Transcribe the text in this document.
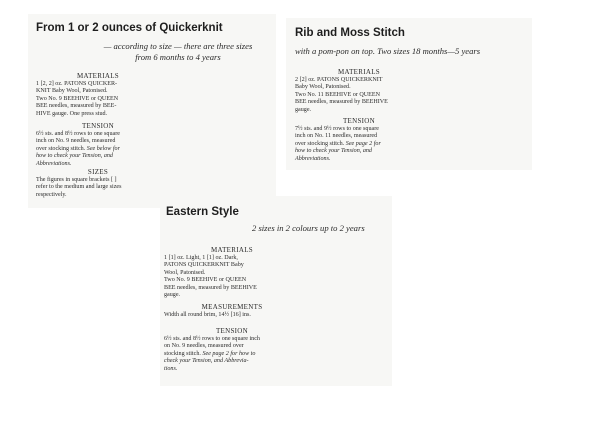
From 1 or 2 ounces of Quickerknit
— according to size — there are three sizes
from 6 months to 4 years
MATERIALS
1 [2, 2] oz. PATONS QUICKER-
KNIT Baby Wool, Patonised.
Two No. 9 BEEHIVE or QUEEN
BEE needles, measured by BEE-
HIVE gauge. One press stud.
TENSION
6½ sts. and 8½ rows to one square
inch on No. 9 needles, measured
over stocking stitch. See below for
how to check your Tension, and
Abbreviations.
SIZES
The figures in square brackets [ ]
refer to the medium and large sizes
respectively.
Rib and Moss Stitch
with a pom-pon on top. Two sizes 18 months—5 years
MATERIALS
2 [2] oz. PATONS QUICKERKNIT
Baby Wool, Patonised.
Two No. 11 BEEHIVE or QUEEN
BEE needles, measured by BEEHIVE
gauge.
TENSION
7½ sts. and 9½ rows to one square
inch on No. 11 needles, measured
over stocking stitch. See page 2 for
how to check your Tension, and
Abbreviations.
Eastern Style
2 sizes in 2 colours up to 2 years
MATERIALS
1 [1] oz. Light, 1 [1] oz. Dark,
PATONS QUICKERKNIT Baby
Wool, Patonised.
Two No. 9 BEEHIVE or QUEEN
BEE needles, measured by BEEHIVE
gauge.
MEASUREMENTS
Width all round brim, 14½ [16] ins.
TENSION
6½ sts. and 8½ rows to one square inch
on No. 9 needles, measured over
stocking stitch. See page 2 for how to
check your Tension, and Abbrevia-
tions.
